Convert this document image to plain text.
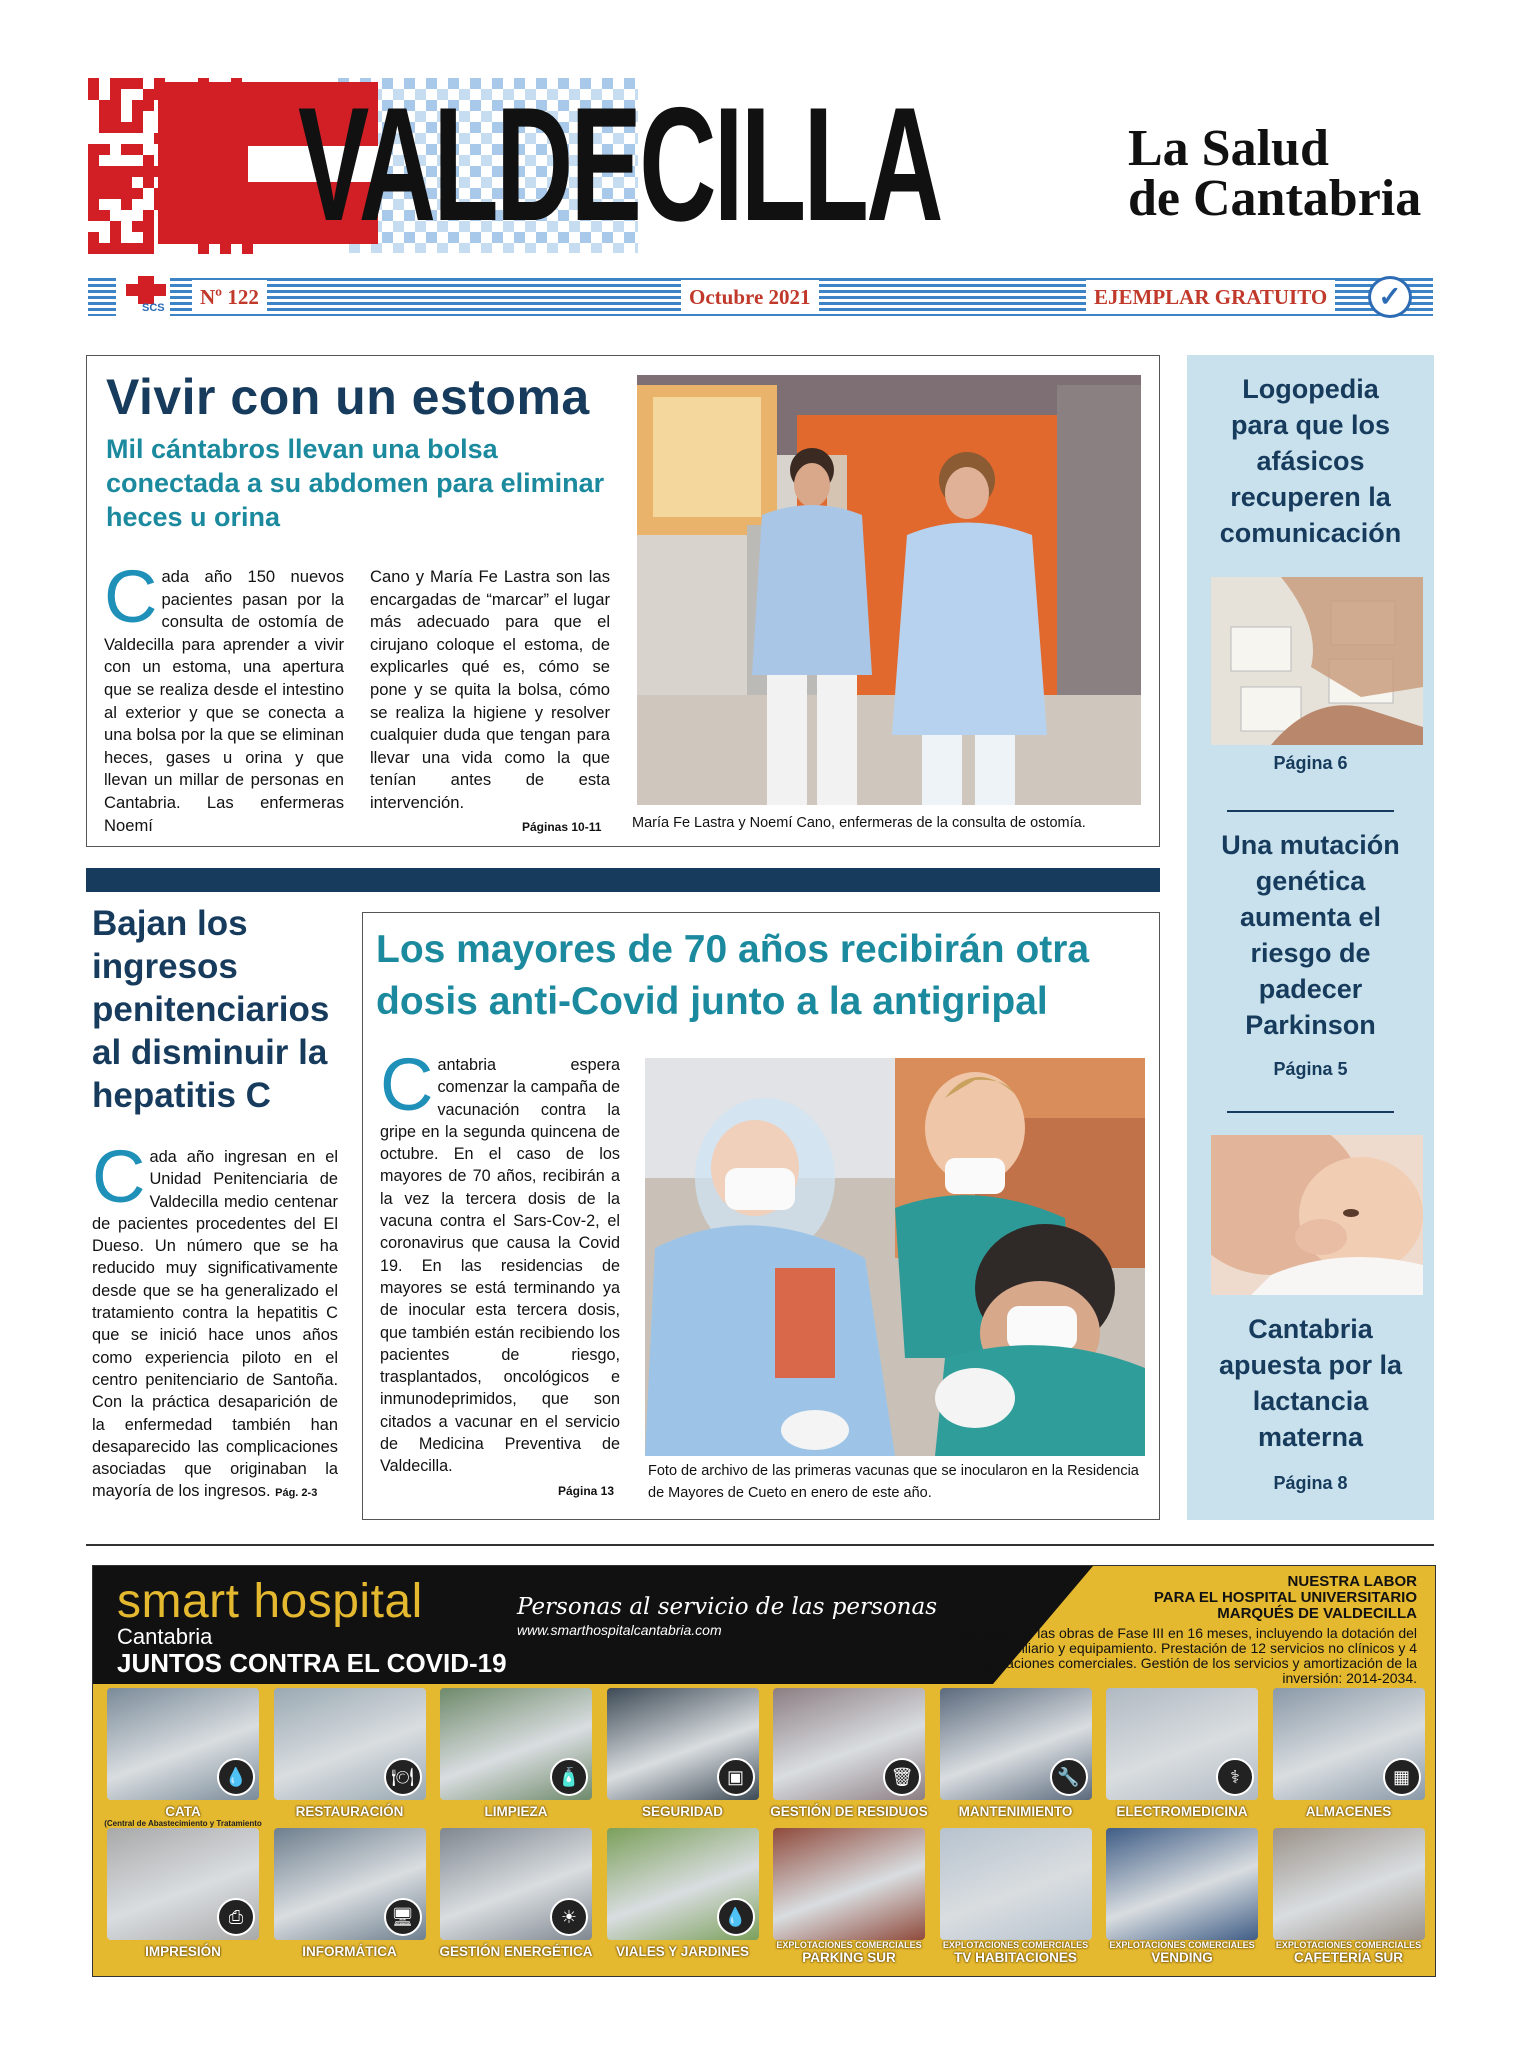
VALDECILLA	La Salud
de Cantabria
SCS	Nº 122	Octubre 2021	EJEMPLAR GRATUITO	✓
Vivir con un estoma
Mil cántabros llevan una bolsa conectada a su abdomen para eliminar heces u orina
Cada año 150 nuevos pacientes pasan por la consulta de ostomía de Valdecilla para aprender a vivir con un estoma, una apertura que se realiza desde el intestino al exterior y que se conecta a una bolsa por la que se eliminan heces, gases u orina y que llevan un millar de personas en Cantabria. Las enfermeras Noemí
Cano y María Fe Lastra son las encargadas de “marcar” el lugar más adecuado para que el cirujano coloque el estoma, de explicarles qué es, cómo se pone y se quita la bolsa, cómo se realiza la higiene y resolver cualquier duda que tengan para llevar una vida como la que tenían antes de esta intervención.
Páginas 10-11 María Fe Lastra y Noemí Cano, enfermeras de la consulta de ostomía.
Logopedia para que los afásicos recuperen la comunicación
Página 6
Una mutación genética aumenta el riesgo de padecer Parkinson
Página 5
Cantabria apuesta por la lactancia materna
Página 8
Bajan los ingresos penitenciarios al disminuir la hepatitis C
Cada año ingresan en el Unidad Penitenciaria de Valdecilla medio centenar de pacientes procedentes del El Dueso. Un número que se ha reducido muy significativamente desde que se ha generalizado el tratamiento contra la hepatitis C que se inició hace unos años como experiencia piloto en el centro penitenciario de Santoña. Con la práctica desaparición de la enfermedad también han desaparecido las complicaciones asociadas que originaban la mayoría de los ingresos. Pág. 2-3
Los mayores de 70 años recibirán otra dosis anti-Covid junto a la antigripal
Cantabria espera comenzar la campaña de vacunación contra la gripe en la segunda quincena de octubre. En el caso de los mayores de 70 años, recibirán a la vez la tercera dosis de la vacuna contra el Sars-Cov-2, el coronavirus que causa la Covid 19. En las residencias de mayores se está terminando ya de inocular esta tercera dosis, que también están recibiendo los pacientes de riesgo, trasplantados, oncológicos e inmunodeprimidos, que son citados a vacunar en el servicio de Medicina Preventiva de Valdecilla.
Página 13
Foto de archivo de las primeras vacunas que se inocularon en la Residencia de Mayores de Cueto en enero de este año.
smart hospital
Cantabria
JUNTOS CONTRA EL COVID-19
Personas al servicio de las personas
www.smarthospitalcantabria.com
NUESTRA LABOR
PARA EL HOSPITAL UNIVERSITARIO
MARQUÉS DE VALDECILLA
Finalización de las obras de Fase III en 16 meses, incluyendo la dotación del mobiliario y equipamiento. Prestación de 12 servicios no clínicos y 4 explotaciones comerciales. Gestión de los servicios y amortización de la inversión: 2014-2034.
💧
CATA
(Central de Abastecimiento y Tratamiento
🍽
RESTAURACIÓN
🧴
LIMPIEZA
▣
SEGURIDAD
🗑
GESTIÓN DE RESIDUOS
🔧
MANTENIMIENTO
⚕
ELECTROMEDICINA
▦
ALMACENES
⎙
IMPRESIÓN
🖥
INFORMÁTICA
☀
GESTIÓN ENERGÉTICA
💧
VIALES Y JARDINES	EXPLOTACIONES COMERCIALES
PARKING SUR
EXPLOTACIONES COMERCIALES
TV HABITACIONES
EXPLOTACIONES COMERCIALES
VENDING
EXPLOTACIONES COMERCIALES
CAFETERÍA SUR
